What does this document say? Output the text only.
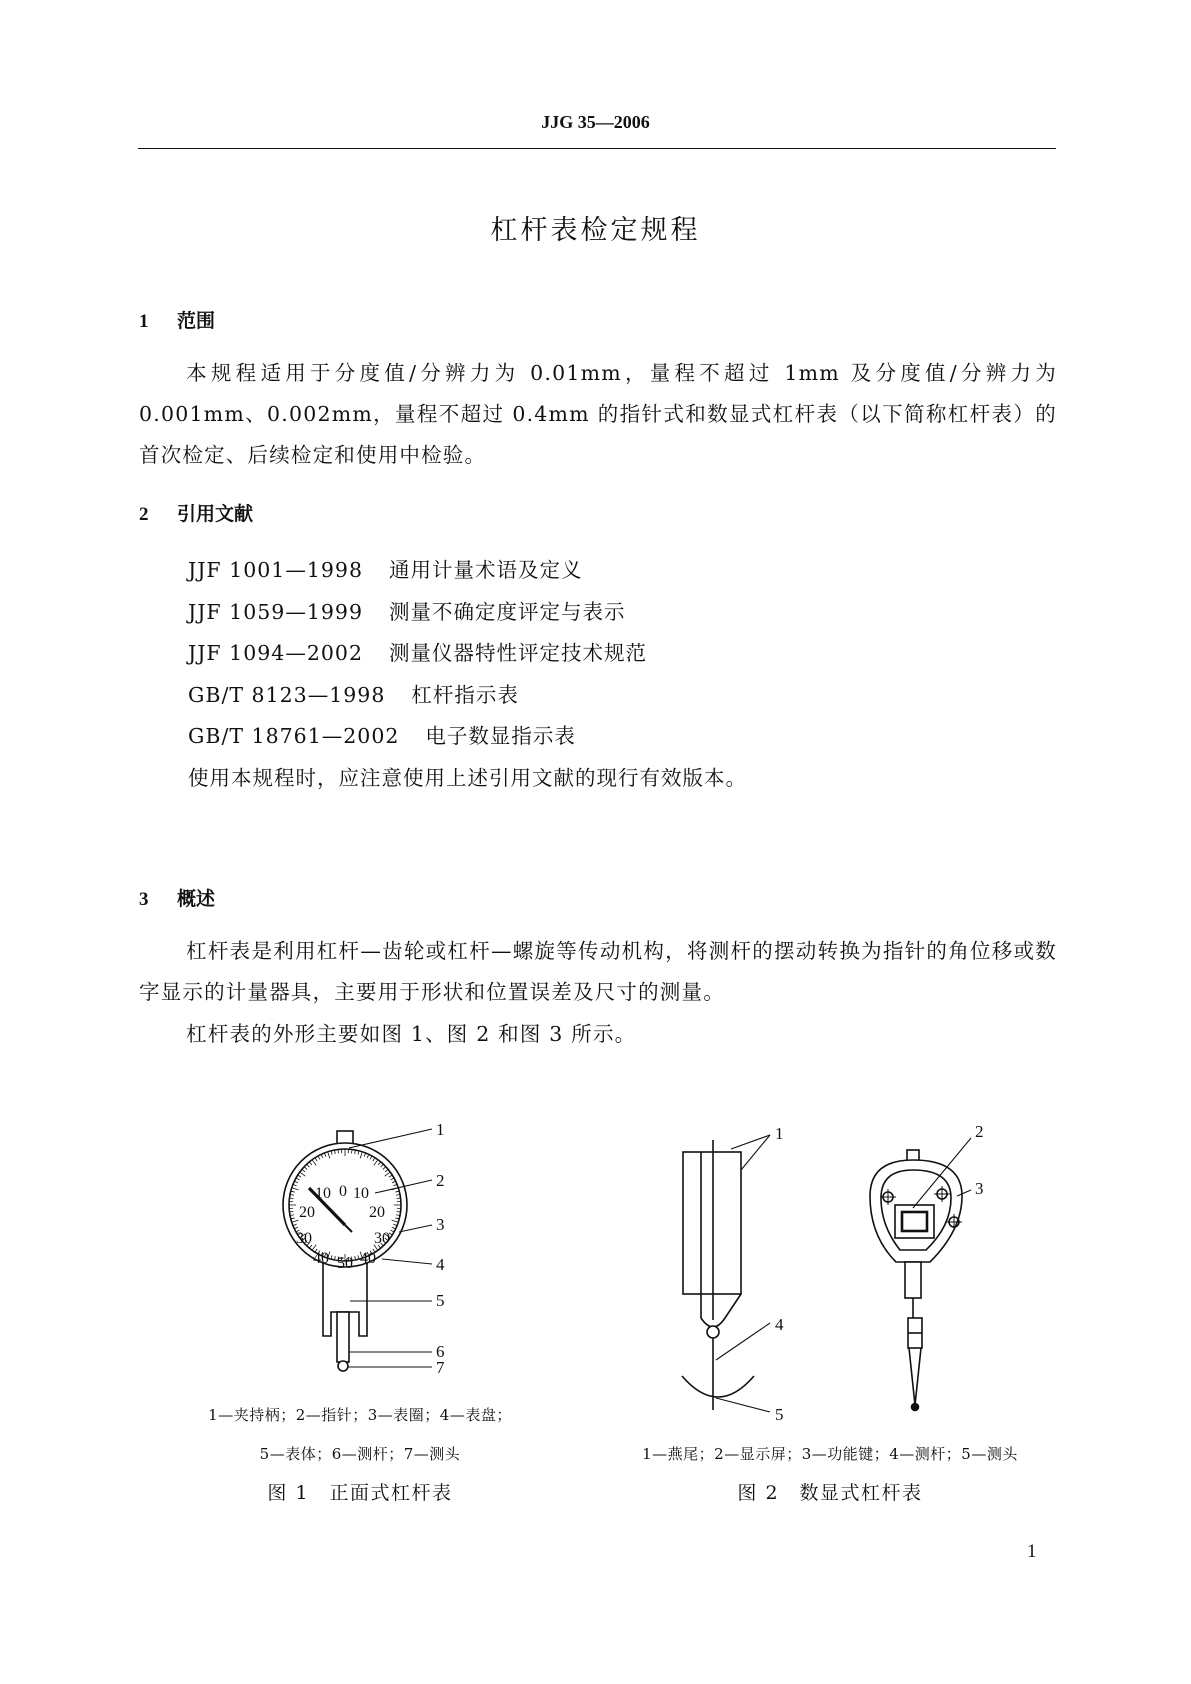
JJG 35—2006
杠杆表检定规程
1 范围

本规程适用于分度值/分辨力为 0.01mm，量程不超过 1mm 及分度值/分辨力为 0.001mm、0.002mm，量程不超过 0.4mm 的指针式和数显式杠杆表（以下简称杠杆表）的首次检定、后续检定和使用中检验。

2 引用文献
JJF 1001—1998 通用计量术语及定义
JJF 1059—1999 测量不确定度评定与表示
JJF 1094—2002 测量仪器特性评定技术规范
GB/T 8123—1998 杠杆指示表
GB/T 18761—2002 电子数显指示表
使用本规程时，应注意使用上述引用文献的现行有效版本。
3 概述

杠杆表是利用杠杆—齿轮或杠杆—螺旋等传动机构，将测杆的摆动转换为指针的角位移或数字显示的计量器具，主要用于形状和位置误差及尺寸的测量。

杠杆表的外形主要如图 1、图 2 和图 3 所示。

10 0 10
20	20
30	30
40 50 40
1
2
3
4
5
6
7
1
4
5
2
3
1—夹持柄；2—指针；3—表圈；4—表盘；
5—表体；6—测杆；7—测头
图 1　正面式杠杆表
1—燕尾；2—显示屏；3—功能键；4—测杆；5—测头
图 2　数显式杠杆表
1
